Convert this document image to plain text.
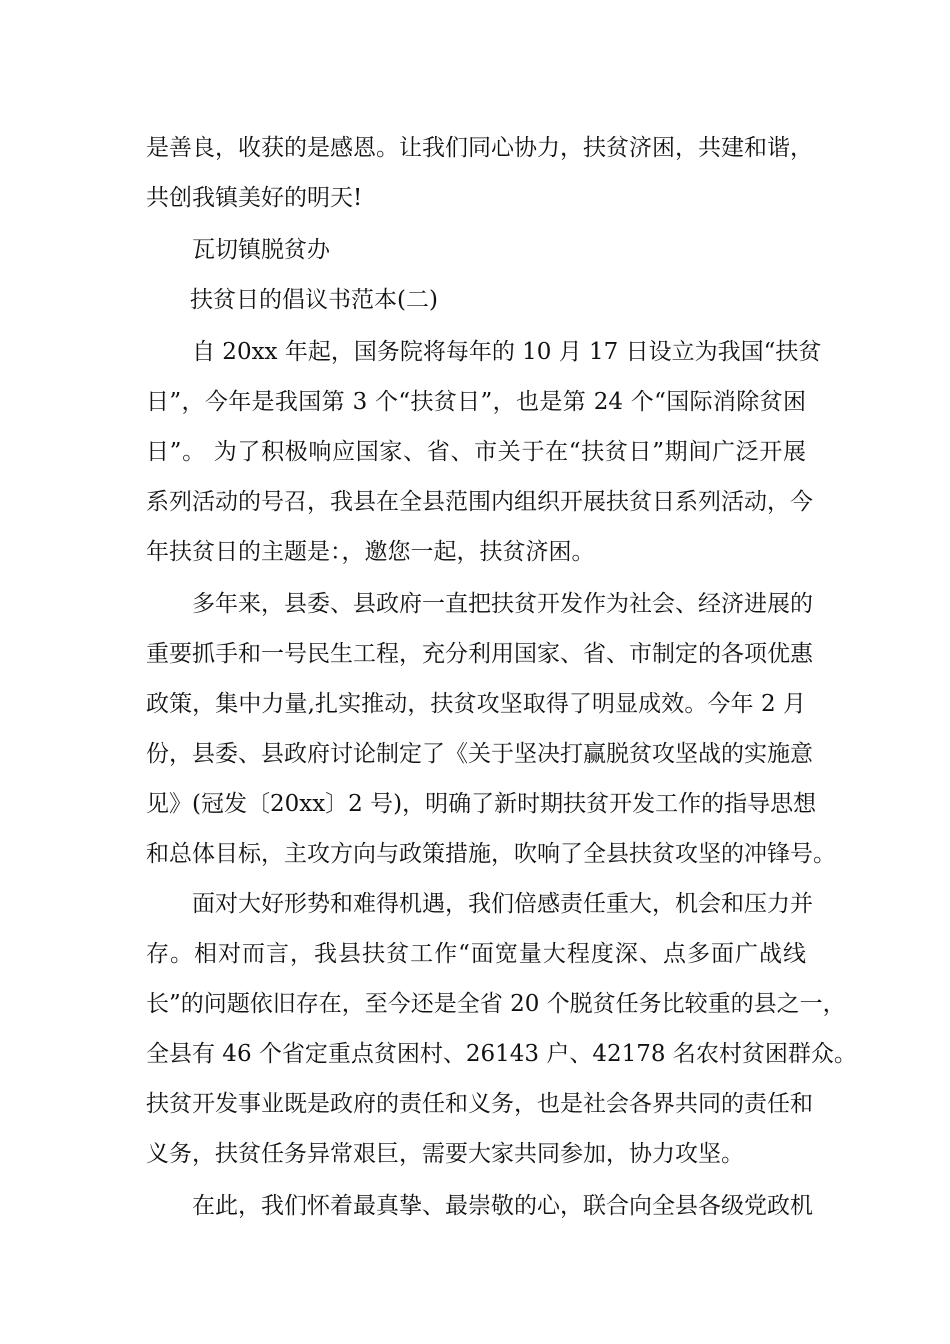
是善良，收获的是感恩。让我们同心协力，扶贫济困，共建和谐，

共创我镇美好的明天!

瓦切镇脱贫办

扶贫日的倡议书范本(二)

自 20xx 年起，国务院将每年的 10 月 17 日设立为我国“扶贫

日”，今年是我国第 3 个“扶贫日”，也是第 24 个“国际消除贫困

日”。 为了积极响应国家、省、市关于在“扶贫日”期间广泛开展

系列活动的号召，我县在全县范围内组织开展扶贫日系列活动，今

年扶贫日的主题是：，邀您一起，扶贫济困。

多年来，县委、县政府一直把扶贫开发作为社会、经济进展的

重要抓手和一号民生工程，充分利用国家、省、市制定的各项优惠

政策，集中力量,扎实推动，扶贫攻坚取得了明显成效。今年 2 月

份，县委、县政府讨论制定了《关于坚决打赢脱贫攻坚战的实施意

见》(冠发〔20xx〕2 号)，明确了新时期扶贫开发工作的指导思想

和总体目标，主攻方向与政策措施，吹响了全县扶贫攻坚的冲锋号。

面对大好形势和难得机遇，我们倍感责任重大，机会和压力并

存。相对而言，我县扶贫工作“面宽量大程度深、点多面广战线

长”的问题依旧存在，至今还是全省 20 个脱贫任务比较重的县之一，

全县有 46 个省定重点贫困村、26143 户、42178 名农村贫困群众。

扶贫开发事业既是政府的责任和义务，也是社会各界共同的责任和

义务，扶贫任务异常艰巨，需要大家共同参加，协力攻坚。

在此，我们怀着最真挚、最崇敬的心，联合向全县各级党政机
